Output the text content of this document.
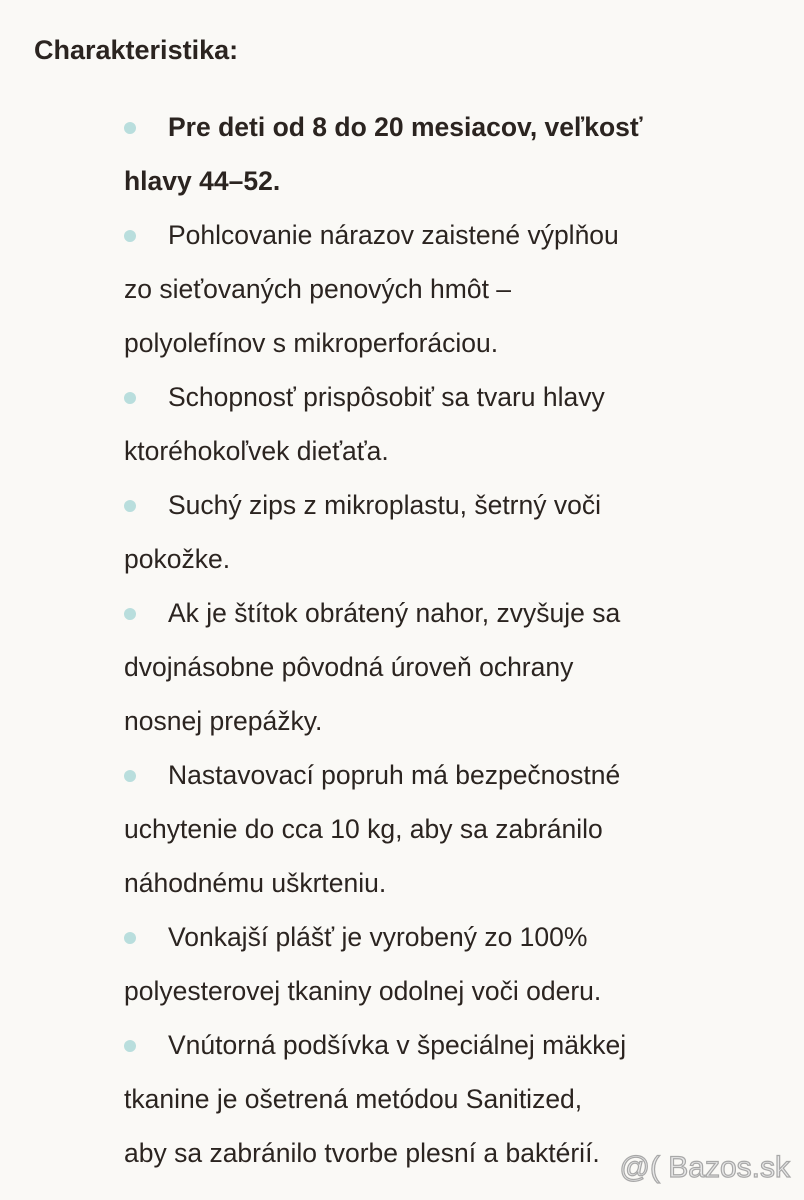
Charakteristika:
Pre deti od 8 do 20 mesiacov, veľkosť
hlavy 44–52.
Pohlcovanie nárazov zaistené výplňou
zo sieťovaných penových hmôt –
polyolefínov s mikroperforáciou.
Schopnosť prispôsobiť sa tvaru hlavy
ktoréhokoľvek dieťaťa.
Suchý zips z mikroplastu, šetrný voči
pokožke.
Ak je štítok obrátený nahor, zvyšuje sa
dvojnásobne pôvodná úroveň ochrany
nosnej prepážky.
Nastavovací popruh má bezpečnostné
uchytenie do cca 10 kg, aby sa zabránilo
náhodnému uškrteniu.
Vonkajší plášť je vyrobený zo 100%
polyesterovej tkaniny odolnej voči oderu.
Vnútorná podšívka v špeciálnej mäkkej
tkanine je ošetrená metódou Sanitized,
aby sa zabránilo tvorbe plesní a baktérií. @( Bazos.sk
